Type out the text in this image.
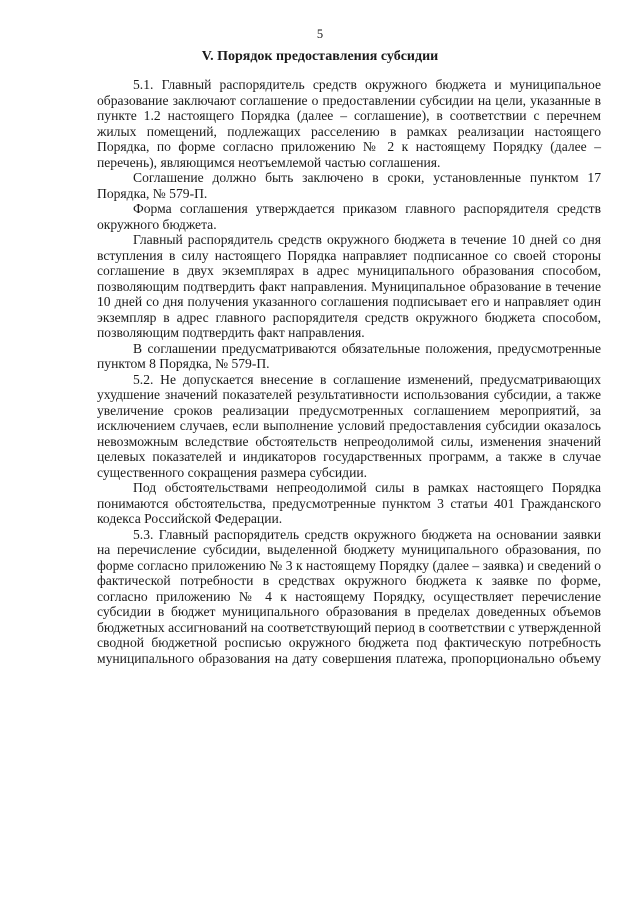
5
V. Порядок предоставления субсидии

5.1. Главный распорядитель средств окружного бюджета и муниципальное образование заключают соглашение о предоставлении субсидии на цели, указанные в пункте 1.2 настоящего Порядка (далее – соглашение), в соответствии с перечнем жилых помещений, подлежащих расселению в рамках реализации настоящего Порядка, по форме согласно приложению № 2 к настоящему Порядку (далее – перечень), являющимся неотъемлемой частью соглашения.

Соглашение должно быть заключено в сроки, установленные пунктом 17 Порядка, № 579-П.

Форма соглашения утверждается приказом главного распорядителя средств окружного бюджета.

Главный распорядитель средств окружного бюджета в течение 10 дней со дня вступления в силу настоящего Порядка направляет подписанное со своей стороны соглашение в двух экземплярах в адрес муниципального образования способом, позволяющим подтвердить факт направления. Муниципальное образование в течение 10 дней со дня получения указанного соглашения подписывает его и направляет один экземпляр в адрес главного распорядителя средств окружного бюджета способом, позволяющим подтвердить факт направления.

В соглашении предусматриваются обязательные положения, предусмотренные пунктом 8 Порядка, № 579-П.

5.2. Не допускается внесение в соглашение изменений, предусматривающих ухудшение значений показателей результативности использования субсидии, а также увеличение сроков реализации предусмотренных соглашением мероприятий, за исключением случаев, если выполнение условий предоставления субсидии оказалось невозможным вследствие обстоятельств непреодолимой силы, изменения значений целевых показателей и индикаторов государственных программ, а также в случае существенного сокращения размера субсидии.

Под обстоятельствами непреодолимой силы в рамках настоящего Порядка понимаются обстоятельства, предусмотренные пунктом 3 статьи 401 Гражданского кодекса Российской Федерации.

5.3. Главный распорядитель средств окружного бюджета на основании заявки на перечисление субсидии, выделенной бюджету муниципального образования, по форме согласно приложению № 3 к настоящему Порядку (далее – заявка) и сведений о фактической потребности в средствах окружного бюджета к заявке по форме, согласно приложению № 4 к настоящему Порядку, осуществляет перечисление субсидии в бюджет муниципального образования в пределах доведенных объемов бюджетных ассигнований на соответствующий период в соответствии с утвержденной сводной бюджетной росписью окружного бюджета под фактическую потребность муниципального образования на дату совершения платежа, пропорционально объему
